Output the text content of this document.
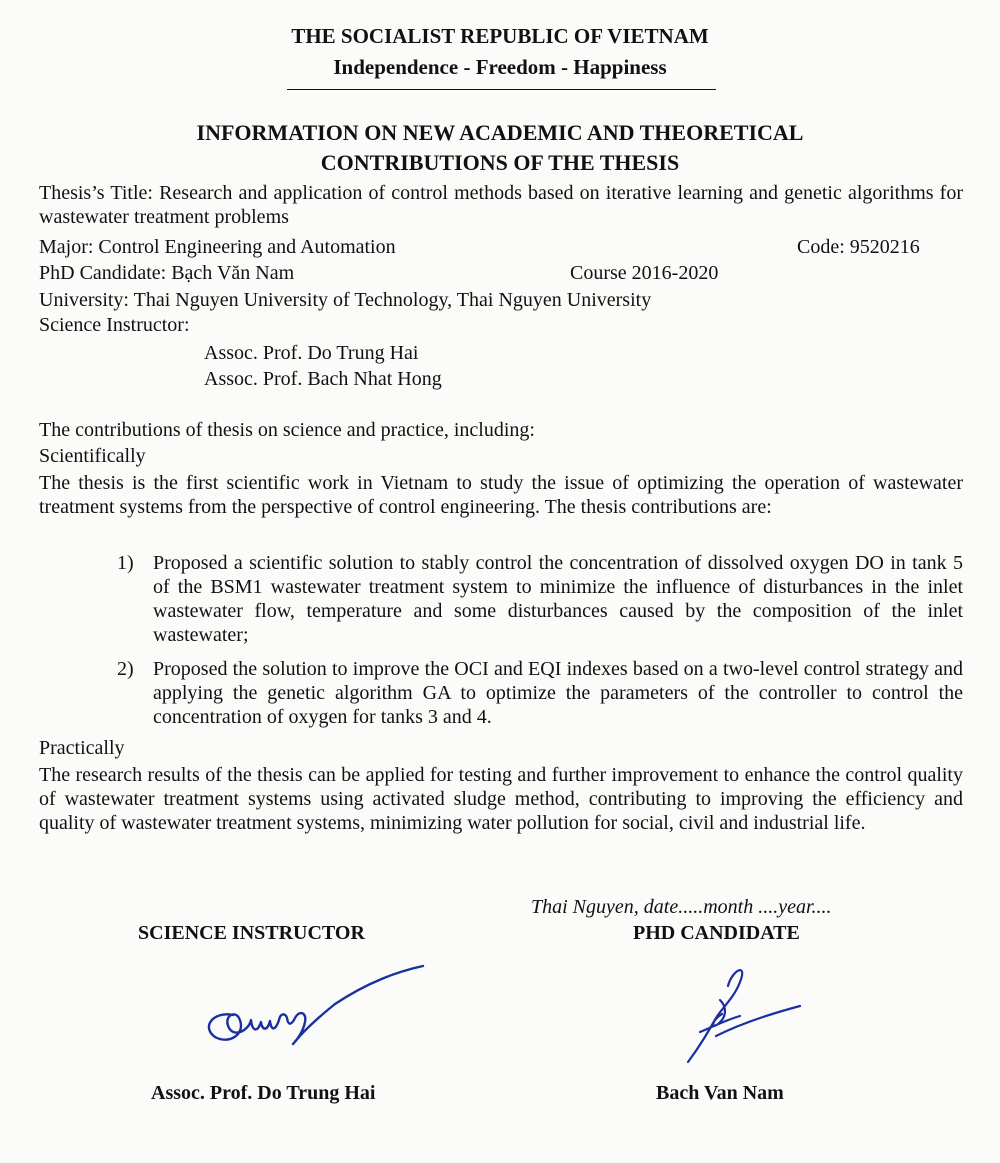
THE SOCIALIST REPUBLIC OF VIETNAM
Independence - Freedom - Happiness
INFORMATION ON NEW ACADEMIC AND THEORETICAL
CONTRIBUTIONS OF THE THESIS
Thesis’s Title: Research and application of control methods based on iterative learning and genetic algorithms for wastewater treatment problems
Major: Control Engineering and Automation	Code: 9520216
PhD Candidate: Bạch Văn Nam	Course 2016-2020
University: Thai Nguyen University of Technology, Thai Nguyen University
Science Instructor:
Assoc. Prof. Do Trung Hai
Assoc. Prof. Bach Nhat Hong
The contributions of thesis on science and practice, including:
Scientifically
The thesis is the first scientific work in Vietnam to study the issue of optimizing the operation of wastewater treatment systems from the perspective of control engineering. The thesis contributions are:
1) Proposed a scientific solution to stably control the concentration of dissolved oxygen DO in tank 5 of the BSM1 wastewater treatment system to minimize the influence of disturbances in the inlet wastewater flow, temperature and some disturbances caused by the composition of the inlet wastewater;
2) Proposed the solution to improve the OCI and EQI indexes based on a two-level control strategy and applying the genetic algorithm GA to optimize the parameters of the controller to control the concentration of oxygen for tanks 3 and 4.
Practically
The research results of the thesis can be applied for testing and further improvement to enhance the control quality of wastewater treatment systems using activated sludge method, contributing to improving the efficiency and quality of wastewater treatment systems, minimizing water pollution for social, civil and industrial life.
Thai Nguyen, date.....month ....year....
SCIENCE INSTRUCTOR	PHD CANDIDATE
Assoc. Prof. Do Trung Hai	Bach Van Nam
